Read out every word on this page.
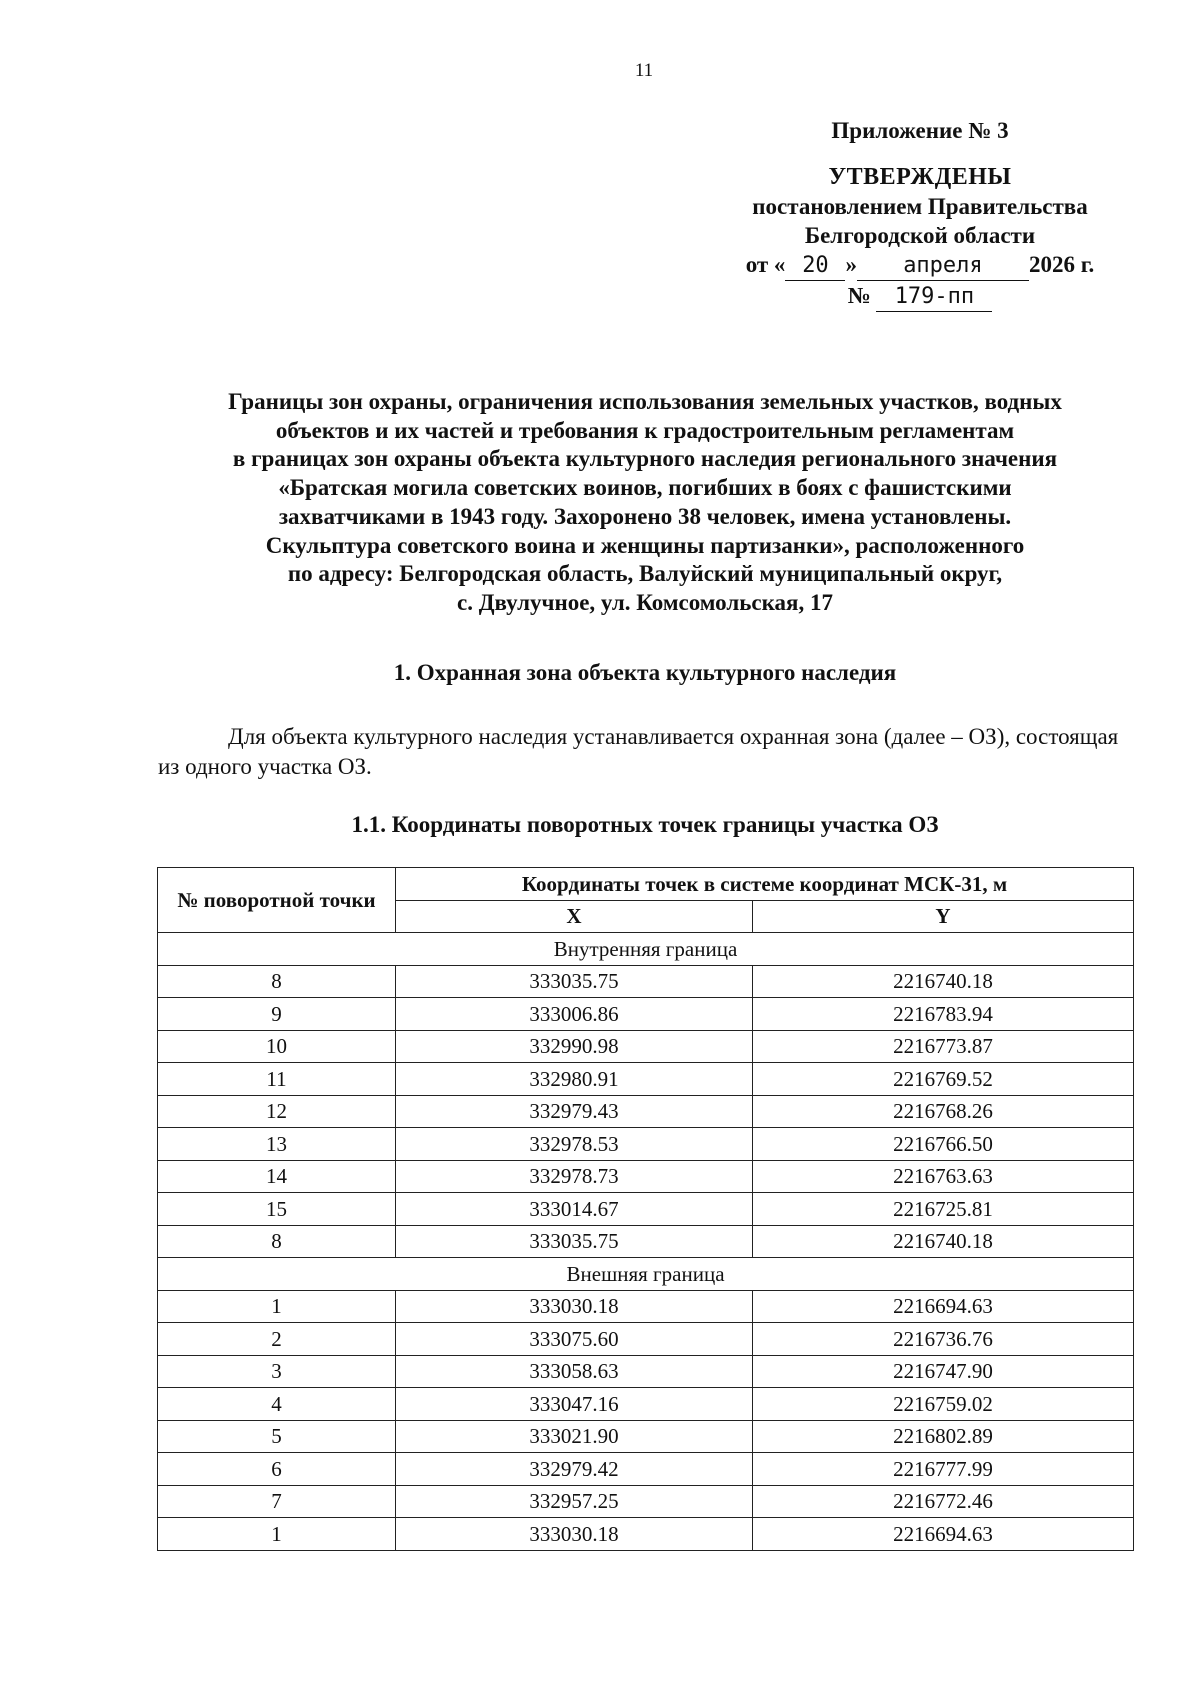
11
Приложение № 3
УТВЕРЖДЕНЫ
постановлением Правительства
Белгородской области
от « 20 » апреля 2026 г.
№ 179-пп
Границы зон охраны, ограничения использования земельных участков, водных
объектов и их частей и требования к градостроительным регламентам
в границах зон охраны объекта культурного наследия регионального значения
«Братская могила советских воинов, погибших в боях с фашистскими
захватчиками в 1943 году. Захоронено 38 человек, имена установлены.
Скульптура советского воина и женщины партизанки», расположенного
по адресу: Белгородская область, Валуйский муниципальный округ,
с. Двулучное, ул. Комсомольская, 17
1. Охранная зона объекта культурного наследия
Для объекта культурного наследия устанавливается охранная зона (далее – ОЗ), состоящая из одного участка ОЗ.
1.1. Координаты поворотных точек границы участка ОЗ
№ поворотной точки	Координаты точек в системе координат МСК-31, м	
	X	Y
Внутренняя граница		
8	333035.75	2216740.18
9	333006.86	2216783.94
10	332990.98	2216773.87
11	332980.91	2216769.52
12	332979.43	2216768.26
13	332978.53	2216766.50
14	332978.73	2216763.63
15	333014.67	2216725.81
8	333035.75	2216740.18
Внешняя граница		
1	333030.18	2216694.63
2	333075.60	2216736.76
3	333058.63	2216747.90
4	333047.16	2216759.02
5	333021.90	2216802.89
6	332979.42	2216777.99
7	332957.25	2216772.46
1	333030.18	2216694.63
